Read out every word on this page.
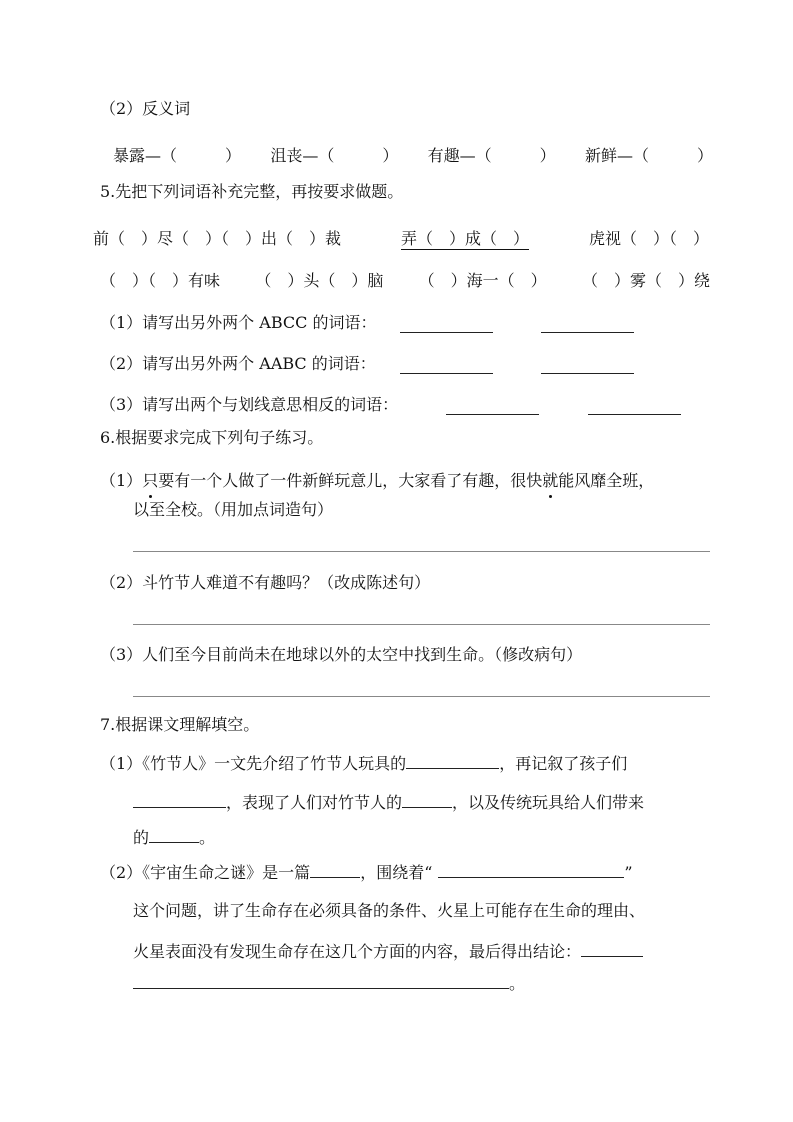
（2）反义词
暴露—（　　　） 沮丧—（　　　） 有趣—（　　　） 新鲜—（　　　）
5.先把下列词语补充完整，再按要求做题。
前（　）尽（　）（　）出（　）裁	弄（　）成（　）	虎视（　）（　）
（　）（　）有味 （　）头（　）脑 （　）海一（　） （　）雾（　）绕
（1）请写出另外两个 ABCC 的词语：
（2）请写出另外两个 AABC 的词语：
（3）请写出两个与划线意思相反的词语：
6.根据要求完成下列句子练习。
（1）只要有一个人做了一件新鲜玩意儿，大家看了有趣，很快就能风靡全班，
以至全校。（用加点词造句）
（2）斗竹节人难道不有趣吗？（改成陈述句）
（3）人们至今目前尚未在地球以外的太空中找到生命。（修改病句）
7.根据课文理解填空。
（1）《竹节人》一文先介绍了竹节人玩具的	，再记叙了孩子们
，表现了人们对竹节人的	，以及传统玩具给人们带来
的	。
（2）《宇宙生命之谜》是一篇	，围绕着“	”
这个问题，讲了生命存在必须具备的条件、火星上可能存在生命的理由、
火星表面没有发现生命存在这几个方面的内容，最后得出结论：
。
